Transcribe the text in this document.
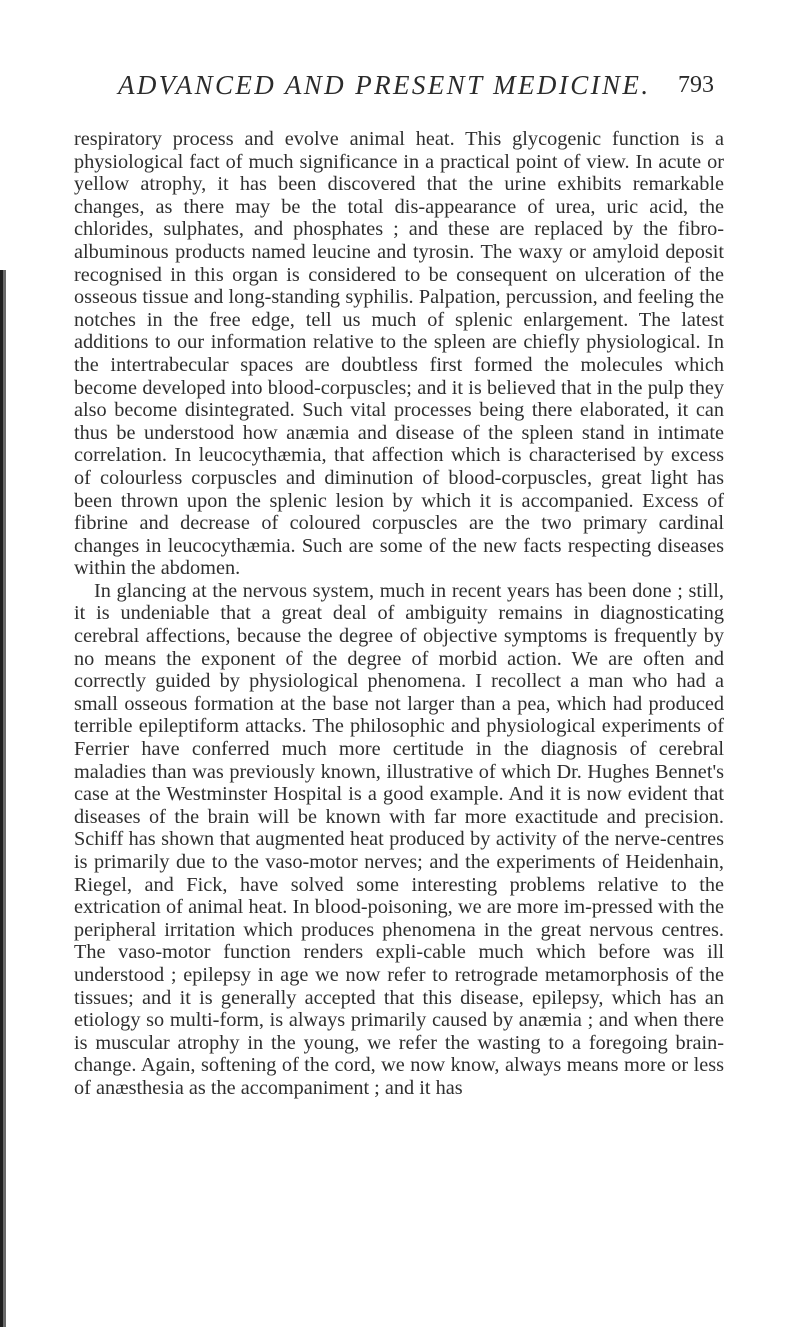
ADVANCED AND PRESENT MEDICINE. 793

respiratory process and evolve animal heat. This glycogenic function is a physiological fact of much significance in a practical point of view. In acute or yellow atrophy, it has been discovered that the urine exhibits remarkable changes, as there may be the total dis-appearance of urea, uric acid, the chlorides, sulphates, and phosphates ; and these are replaced by the fibro-albuminous products named leucine and tyrosin. The waxy or amyloid deposit recognised in this organ is considered to be consequent on ulceration of the osseous tissue and long-standing syphilis. Palpation, percussion, and feeling the notches in the free edge, tell us much of splenic enlargement. The latest additions to our information relative to the spleen are chiefly physiological. In the intertrabecular spaces are doubtless first formed the molecules which become developed into blood-corpuscles; and it is believed that in the pulp they also become disintegrated. Such vital processes being there elaborated, it can thus be understood how anæmia and disease of the spleen stand in intimate correlation. In leucocythæmia, that affection which is characterised by excess of colourless corpuscles and diminution of blood-corpuscles, great light has been thrown upon the splenic lesion by which it is accompanied. Excess of fibrine and decrease of coloured corpuscles are the two primary cardinal changes in leucocythæmia. Such are some of the new facts respecting diseases within the abdomen.

In glancing at the nervous system, much in recent years has been done ; still, it is undeniable that a great deal of ambiguity remains in diagnosticating cerebral affections, because the degree of objective symptoms is frequently by no means the exponent of the degree of morbid action. We are often and correctly guided by physiological phenomena. I recollect a man who had a small osseous formation at the base not larger than a pea, which had produced terrible epileptiform attacks. The philosophic and physiological experiments of Ferrier have conferred much more certitude in the diagnosis of cerebral maladies than was previously known, illustrative of which Dr. Hughes Bennet's case at the Westminster Hospital is a good example. And it is now evident that diseases of the brain will be known with far more exactitude and precision. Schiff has shown that augmented heat produced by activity of the nerve-centres is primarily due to the vaso-motor nerves; and the experiments of Heidenhain, Riegel, and Fick, have solved some interesting problems relative to the extrication of animal heat. In blood-poisoning, we are more im-pressed with the peripheral irritation which produces phenomena in the great nervous centres. The vaso-motor function renders expli-cable much which before was ill understood ; epilepsy in age we now refer to retrograde metamorphosis of the tissues; and it is generally accepted that this disease, epilepsy, which has an etiology so multi-form, is always primarily caused by anæmia ; and when there is muscular atrophy in the young, we refer the wasting to a foregoing brain-change. Again, softening of the cord, we now know, always means more or less of anæsthesia as the accompaniment ; and it has
